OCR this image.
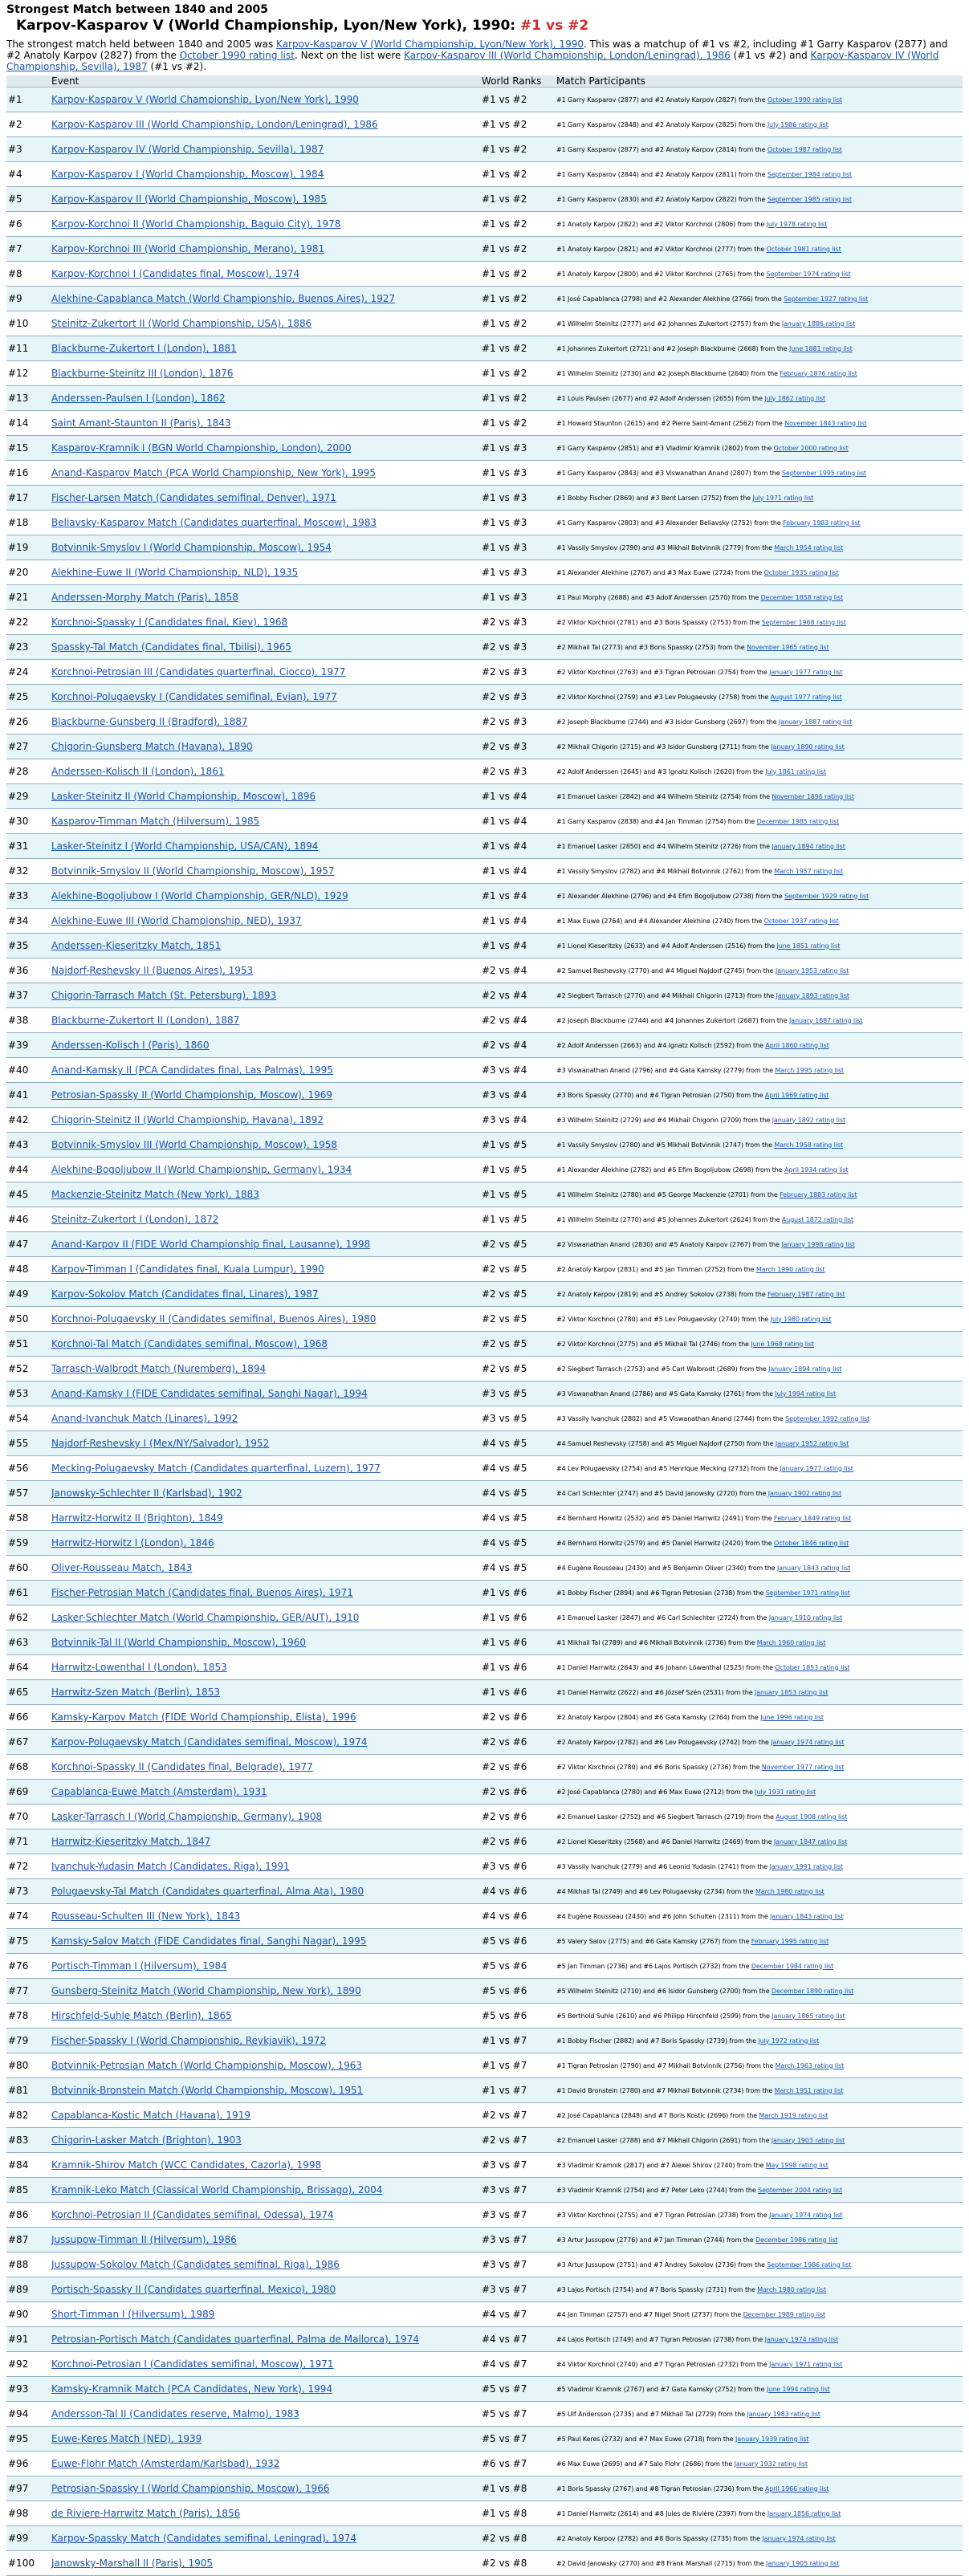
Strongest Match between 1840 and 2005
Karpov-Kasparov V (World Championship, Lyon/New York), 1990: #1 vs #2
The strongest match held between 1840 and 2005 was Karpov-Kasparov V (World Championship, Lyon/New York), 1990. This was a matchup of #1 vs #2, including #1 Garry Kasparov (2877) and #2 Anatoly Karpov (2827) from the October 1990 rating list. Next on the list were Karpov-Kasparov III (World Championship, London/Leningrad), 1986 (#1 vs #2) and Karpov-Kasparov IV (World Championship, Sevilla), 1987 (#1 vs #2).
	Event	World Ranks	Match Participants
#1	Karpov-Kasparov V (World Championship, Lyon/New York), 1990	#1 vs #2	#1 Garry Kasparov (2877) and #2 Anatoly Karpov (2827) from the October 1990 rating list
#2	Karpov-Kasparov III (World Championship, London/Leningrad), 1986	#1 vs #2	#1 Garry Kasparov (2848) and #2 Anatoly Karpov (2825) from the July 1986 rating list
#3	Karpov-Kasparov IV (World Championship, Sevilla), 1987	#1 vs #2	#1 Garry Kasparov (2877) and #2 Anatoly Karpov (2814) from the October 1987 rating list
#4	Karpov-Kasparov I (World Championship, Moscow), 1984	#1 vs #2	#1 Garry Kasparov (2844) and #2 Anatoly Karpov (2811) from the September 1984 rating list
#5	Karpov-Kasparov II (World Championship, Moscow), 1985	#1 vs #2	#1 Garry Kasparov (2830) and #2 Anatoly Karpov (2822) from the September 1985 rating list
#6	Karpov-Korchnoi II (World Championship, Baguio City), 1978	#1 vs #2	#1 Anatoly Karpov (2822) and #2 Viktor Korchnoi (2806) from the July 1978 rating list
#7	Karpov-Korchnoi III (World Championship, Merano), 1981	#1 vs #2	#1 Anatoly Karpov (2821) and #2 Viktor Korchnoi (2777) from the October 1981 rating list
#8	Karpov-Korchnoi I (Candidates final, Moscow), 1974	#1 vs #2	#1 Anatoly Karpov (2800) and #2 Viktor Korchnoi (2765) from the September 1974 rating list
#9	Alekhine-Capablanca Match (World Championship, Buenos Aires), 1927	#1 vs #2	#1 José Capablanca (2798) and #2 Alexander Alekhine (2766) from the September 1927 rating list
#10	Steinitz-Zukertort II (World Championship, USA), 1886	#1 vs #2	#1 Wilhelm Steinitz (2777) and #2 Johannes Zukertort (2757) from the January 1886 rating list
#11	Blackburne-Zukertort I (London), 1881	#1 vs #2	#1 Johannes Zukertort (2721) and #2 Joseph Blackburne (2668) from the June 1881 rating list
#12	Blackburne-Steinitz III (London), 1876	#1 vs #2	#1 Wilhelm Steinitz (2730) and #2 Joseph Blackburne (2640) from the February 1876 rating list
#13	Anderssen-Paulsen I (London), 1862	#1 vs #2	#1 Louis Paulsen (2677) and #2 Adolf Anderssen (2655) from the July 1862 rating list
#14	Saint Amant-Staunton II (Paris), 1843	#1 vs #2	#1 Howard Staunton (2615) and #2 Pierre Saint-Amant (2562) from the November 1843 rating list
#15	Kasparov-Kramnik I (BGN World Championship, London), 2000	#1 vs #3	#1 Garry Kasparov (2851) and #3 Vladimir Kramnik (2802) from the October 2000 rating list
#16	Anand-Kasparov Match (PCA World Championship, New York), 1995	#1 vs #3	#1 Garry Kasparov (2843) and #3 Viswanathan Anand (2807) from the September 1995 rating list
#17	Fischer-Larsen Match (Candidates semifinal, Denver), 1971	#1 vs #3	#1 Bobby Fischer (2869) and #3 Bent Larsen (2752) from the July 1971 rating list
#18	Beliavsky-Kasparov Match (Candidates quarterfinal, Moscow), 1983	#1 vs #3	#1 Garry Kasparov (2803) and #3 Alexander Beliavsky (2752) from the February 1983 rating list
#19	Botvinnik-Smyslov I (World Championship, Moscow), 1954	#1 vs #3	#1 Vassily Smyslov (2790) and #3 Mikhail Botvinnik (2779) from the March 1954 rating list
#20	Alekhine-Euwe II (World Championship, NLD), 1935	#1 vs #3	#1 Alexander Alekhine (2767) and #3 Max Euwe (2724) from the October 1935 rating list
#21	Anderssen-Morphy Match (Paris), 1858	#1 vs #3	#1 Paul Morphy (2688) and #3 Adolf Anderssen (2570) from the December 1858 rating list
#22	Korchnoi-Spassky I (Candidates final, Kiev), 1968	#2 vs #3	#2 Viktor Korchnoi (2781) and #3 Boris Spassky (2753) from the September 1968 rating list
#23	Spassky-Tal Match (Candidates final, Tbilisi), 1965	#2 vs #3	#2 Mikhail Tal (2773) and #3 Boris Spassky (2753) from the November 1965 rating list
#24	Korchnoi-Petrosian III (Candidates quarterfinal, Ciocco), 1977	#2 vs #3	#2 Viktor Korchnoi (2763) and #3 Tigran Petrosian (2754) from the January 1977 rating list
#25	Korchnoi-Polugaevsky I (Candidates semifinal, Evian), 1977	#2 vs #3	#2 Viktor Korchnoi (2759) and #3 Lev Polugaevsky (2758) from the August 1977 rating list
#26	Blackburne-Gunsberg II (Bradford), 1887	#2 vs #3	#2 Joseph Blackburne (2744) and #3 Isidor Gunsberg (2697) from the January 1887 rating list
#27	Chigorin-Gunsberg Match (Havana), 1890	#2 vs #3	#2 Mikhail Chigorin (2715) and #3 Isidor Gunsberg (2711) from the January 1890 rating list
#28	Anderssen-Kolisch II (London), 1861	#2 vs #3	#2 Adolf Anderssen (2645) and #3 Ignatz Kolisch (2620) from the July 1861 rating list
#29	Lasker-Steinitz II (World Championship, Moscow), 1896	#1 vs #4	#1 Emanuel Lasker (2842) and #4 Wilhelm Steinitz (2754) from the November 1896 rating list
#30	Kasparov-Timman Match (Hilversum), 1985	#1 vs #4	#1 Garry Kasparov (2838) and #4 Jan Timman (2754) from the December 1985 rating list
#31	Lasker-Steinitz I (World Championship, USA/CAN), 1894	#1 vs #4	#1 Emanuel Lasker (2850) and #4 Wilhelm Steinitz (2726) from the January 1894 rating list
#32	Botvinnik-Smyslov II (World Championship, Moscow), 1957	#1 vs #4	#1 Vassily Smyslov (2782) and #4 Mikhail Botvinnik (2762) from the March 1957 rating list
#33	Alekhine-Bogoljubow I (World Championship, GER/NLD), 1929	#1 vs #4	#1 Alexander Alekhine (2796) and #4 Efim Bogoljubow (2738) from the September 1929 rating list
#34	Alekhine-Euwe III (World Championship, NED), 1937	#1 vs #4	#1 Max Euwe (2764) and #4 Alexander Alekhine (2740) from the October 1937 rating list
#35	Anderssen-Kieseritzky Match, 1851	#1 vs #4	#1 Lionel Kieseritzky (2633) and #4 Adolf Anderssen (2516) from the June 1851 rating list
#36	Najdorf-Reshevsky II (Buenos Aires), 1953	#2 vs #4	#2 Samuel Reshevsky (2770) and #4 Miguel Najdorf (2745) from the January 1953 rating list
#37	Chigorin-Tarrasch Match (St. Petersburg), 1893	#2 vs #4	#2 Siegbert Tarrasch (2770) and #4 Mikhail Chigorin (2713) from the January 1893 rating list
#38	Blackburne-Zukertort II (London), 1887	#2 vs #4	#2 Joseph Blackburne (2744) and #4 Johannes Zukertort (2687) from the January 1887 rating list
#39	Anderssen-Kolisch I (Paris), 1860	#2 vs #4	#2 Adolf Anderssen (2663) and #4 Ignatz Kolisch (2592) from the April 1860 rating list
#40	Anand-Kamsky II (PCA Candidates final, Las Palmas), 1995	#3 vs #4	#3 Viswanathan Anand (2796) and #4 Gata Kamsky (2779) from the March 1995 rating list
#41	Petrosian-Spassky II (World Championship, Moscow), 1969	#3 vs #4	#3 Boris Spassky (2770) and #4 Tigran Petrosian (2750) from the April 1969 rating list
#42	Chigorin-Steinitz II (World Championship, Havana), 1892	#3 vs #4	#3 Wilhelm Steinitz (2729) and #4 Mikhail Chigorin (2709) from the January 1892 rating list
#43	Botvinnik-Smyslov III (World Championship, Moscow), 1958	#1 vs #5	#1 Vassily Smyslov (2780) and #5 Mikhail Botvinnik (2747) from the March 1958 rating list
#44	Alekhine-Bogoljubow II (World Championship, Germany), 1934	#1 vs #5	#1 Alexander Alekhine (2782) and #5 Efim Bogoljubow (2698) from the April 1934 rating list
#45	Mackenzie-Steinitz Match (New York), 1883	#1 vs #5	#1 Wilhelm Steinitz (2780) and #5 George Mackenzie (2701) from the February 1883 rating list
#46	Steinitz-Zukertort I (London), 1872	#1 vs #5	#1 Wilhelm Steinitz (2770) and #5 Johannes Zukertort (2624) from the August 1872 rating list
#47	Anand-Karpov II (FIDE World Championship final, Lausanne), 1998	#2 vs #5	#2 Viswanathan Anand (2830) and #5 Anatoly Karpov (2767) from the January 1998 rating list
#48	Karpov-Timman I (Candidates final, Kuala Lumpur), 1990	#2 vs #5	#2 Anatoly Karpov (2831) and #5 Jan Timman (2752) from the March 1990 rating list
#49	Karpov-Sokolov Match (Candidates final, Linares), 1987	#2 vs #5	#2 Anatoly Karpov (2819) and #5 Andrey Sokolov (2738) from the February 1987 rating list
#50	Korchnoi-Polugaevsky II (Candidates semifinal, Buenos Aires), 1980	#2 vs #5	#2 Viktor Korchnoi (2780) and #5 Lev Polugaevsky (2740) from the July 1980 rating list
#51	Korchnoi-Tal Match (Candidates semifinal, Moscow), 1968	#2 vs #5	#2 Viktor Korchnoi (2775) and #5 Mikhail Tal (2746) from the June 1968 rating list
#52	Tarrasch-Walbrodt Match (Nuremberg), 1894	#2 vs #5	#2 Siegbert Tarrasch (2753) and #5 Carl Walbrodt (2689) from the January 1894 rating list
#53	Anand-Kamsky I (FIDE Candidates semifinal, Sanghi Nagar), 1994	#3 vs #5	#3 Viswanathan Anand (2786) and #5 Gata Kamsky (2761) from the July 1994 rating list
#54	Anand-Ivanchuk Match (Linares), 1992	#3 vs #5	#3 Vassily Ivanchuk (2802) and #5 Viswanathan Anand (2744) from the September 1992 rating list
#55	Najdorf-Reshevsky I (Mex/NY/Salvador), 1952	#4 vs #5	#4 Samuel Reshevsky (2758) and #5 Miguel Najdorf (2750) from the January 1952 rating list
#56	Mecking-Polugaevsky Match (Candidates quarterfinal, Luzern), 1977	#4 vs #5	#4 Lev Polugaevsky (2754) and #5 Henrique Mecking (2732) from the January 1977 rating list
#57	Janowsky-Schlechter II (Karlsbad), 1902	#4 vs #5	#4 Carl Schlechter (2747) and #5 David Janowsky (2720) from the January 1902 rating list
#58	Harrwitz-Horwitz II (Brighton), 1849	#4 vs #5	#4 Bernhard Horwitz (2532) and #5 Daniel Harrwitz (2491) from the February 1849 rating list
#59	Harrwitz-Horwitz I (London), 1846	#4 vs #5	#4 Bernhard Horwitz (2579) and #5 Daniel Harrwitz (2420) from the October 1846 rating list
#60	Oliver-Rousseau Match, 1843	#4 vs #5	#4 Eugène Rousseau (2430) and #5 Benjamin Oliver (2340) from the January 1843 rating list
#61	Fischer-Petrosian Match (Candidates final, Buenos Aires), 1971	#1 vs #6	#1 Bobby Fischer (2894) and #6 Tigran Petrosian (2738) from the September 1971 rating list
#62	Lasker-Schlechter Match (World Championship, GER/AUT), 1910	#1 vs #6	#1 Emanuel Lasker (2847) and #6 Carl Schlechter (2724) from the January 1910 rating list
#63	Botvinnik-Tal II (World Championship, Moscow), 1960	#1 vs #6	#1 Mikhail Tal (2789) and #6 Mikhail Botvinnik (2736) from the March 1960 rating list
#64	Harrwitz-Lowenthal I (London), 1853	#1 vs #6	#1 Daniel Harrwitz (2643) and #6 Johann Löwenthal (2525) from the October 1853 rating list
#65	Harrwitz-Szen Match (Berlin), 1853	#1 vs #6	#1 Daniel Harrwitz (2622) and #6 József Szén (2531) from the January 1853 rating list
#66	Kamsky-Karpov Match (FIDE World Championship, Elista), 1996	#2 vs #6	#2 Anatoly Karpov (2804) and #6 Gata Kamsky (2764) from the June 1996 rating list
#67	Karpov-Polugaevsky Match (Candidates semifinal, Moscow), 1974	#2 vs #6	#2 Anatoly Karpov (2782) and #6 Lev Polugaevsky (2742) from the January 1974 rating list
#68	Korchnoi-Spassky II (Candidates final, Belgrade), 1977	#2 vs #6	#2 Viktor Korchnoi (2780) and #6 Boris Spassky (2736) from the November 1977 rating list
#69	Capablanca-Euwe Match (Amsterdam), 1931	#2 vs #6	#2 José Capablanca (2780) and #6 Max Euwe (2712) from the July 1931 rating list
#70	Lasker-Tarrasch I (World Championship, Germany), 1908	#2 vs #6	#2 Emanuel Lasker (2752) and #6 Siegbert Tarrasch (2719) from the August 1908 rating list
#71	Harrwitz-Kieseritzky Match, 1847	#2 vs #6	#2 Lionel Kieseritzky (2568) and #6 Daniel Harrwitz (2469) from the January 1847 rating list
#72	Ivanchuk-Yudasin Match (Candidates, Riga), 1991	#3 vs #6	#3 Vassily Ivanchuk (2779) and #6 Leonid Yudasin (2741) from the January 1991 rating list
#73	Polugaevsky-Tal Match (Candidates quarterfinal, Alma Ata), 1980	#4 vs #6	#4 Mikhail Tal (2749) and #6 Lev Polugaevsky (2734) from the March 1980 rating list
#74	Rousseau-Schulten III (New York), 1843	#4 vs #6	#4 Eugène Rousseau (2430) and #6 John Schulten (2311) from the January 1843 rating list
#75	Kamsky-Salov Match (FIDE Candidates final, Sanghi Nagar), 1995	#5 vs #6	#5 Valery Salov (2775) and #6 Gata Kamsky (2767) from the February 1995 rating list
#76	Portisch-Timman I (Hilversum), 1984	#5 vs #6	#5 Jan Timman (2736) and #6 Lajos Portisch (2732) from the December 1984 rating list
#77	Gunsberg-Steinitz Match (World Championship, New York), 1890	#5 vs #6	#5 Wilhelm Steinitz (2710) and #6 Isidor Gunsberg (2700) from the December 1890 rating list
#78	Hirschfeld-Suhle Match (Berlin), 1865	#5 vs #6	#5 Berthold Suhle (2610) and #6 Philipp Hirschfeld (2599) from the January 1865 rating list
#79	Fischer-Spassky I (World Championship, Reykjavik), 1972	#1 vs #7	#1 Bobby Fischer (2882) and #7 Boris Spassky (2739) from the July 1972 rating list
#80	Botvinnik-Petrosian Match (World Championship, Moscow), 1963	#1 vs #7	#1 Tigran Petrosian (2790) and #7 Mikhail Botvinnik (2756) from the March 1963 rating list
#81	Botvinnik-Bronstein Match (World Championship, Moscow), 1951	#1 vs #7	#1 David Bronstein (2780) and #7 Mikhail Botvinnik (2734) from the March 1951 rating list
#82	Capablanca-Kostic Match (Havana), 1919	#2 vs #7	#2 José Capablanca (2848) and #7 Boris Kostic (2696) from the March 1919 rating list
#83	Chigorin-Lasker Match (Brighton), 1903	#2 vs #7	#2 Emanuel Lasker (2788) and #7 Mikhail Chigorin (2691) from the January 1903 rating list
#84	Kramnik-Shirov Match (WCC Candidates, Cazorla), 1998	#3 vs #7	#3 Vladimir Kramnik (2817) and #7 Alexei Shirov (2740) from the May 1998 rating list
#85	Kramnik-Leko Match (Classical World Championship, Brissago), 2004	#3 vs #7	#3 Vladimir Kramnik (2754) and #7 Peter Leko (2744) from the September 2004 rating list
#86	Korchnoi-Petrosian II (Candidates semifinal, Odessa), 1974	#3 vs #7	#3 Viktor Korchnoi (2755) and #7 Tigran Petrosian (2738) from the January 1974 rating list
#87	Jussupow-Timman II (Hilversum), 1986	#3 vs #7	#3 Artur Jussupow (2776) and #7 Jan Timman (2744) from the December 1986 rating list
#88	Jussupow-Sokolov Match (Candidates semifinal, Riga), 1986	#3 vs #7	#3 Artur Jussupow (2751) and #7 Andrey Sokolov (2736) from the September 1986 rating list
#89	Portisch-Spassky II (Candidates quarterfinal, Mexico), 1980	#3 vs #7	#3 Lajos Portisch (2754) and #7 Boris Spassky (2731) from the March 1980 rating list
#90	Short-Timman I (Hilversum), 1989	#4 vs #7	#4 Jan Timman (2757) and #7 Nigel Short (2737) from the December 1989 rating list
#91	Petrosian-Portisch Match (Candidates quarterfinal, Palma de Mallorca), 1974	#4 vs #7	#4 Lajos Portisch (2749) and #7 Tigran Petrosian (2738) from the January 1974 rating list
#92	Korchnoi-Petrosian I (Candidates semifinal, Moscow), 1971	#4 vs #7	#4 Viktor Korchnoi (2740) and #7 Tigran Petrosian (2732) from the January 1971 rating list
#93	Kamsky-Kramnik Match (PCA Candidates, New York), 1994	#5 vs #7	#5 Vladimir Kramnik (2767) and #7 Gata Kamsky (2752) from the June 1994 rating list
#94	Andersson-Tal II (Candidates reserve, Malmo), 1983	#5 vs #7	#5 Ulf Andersson (2735) and #7 Mikhail Tal (2729) from the January 1983 rating list
#95	Euwe-Keres Match (NED), 1939	#5 vs #7	#5 Paul Keres (2732) and #7 Max Euwe (2718) from the January 1939 rating list
#96	Euwe-Flohr Match (Amsterdam/Karlsbad), 1932	#6 vs #7	#6 Max Euwe (2695) and #7 Salo Flohr (2686) from the January 1932 rating list
#97	Petrosian-Spassky I (World Championship, Moscow), 1966	#1 vs #8	#1 Boris Spassky (2767) and #8 Tigran Petrosian (2736) from the April 1966 rating list
#98	de Riviere-Harrwitz Match (Paris), 1856	#1 vs #8	#1 Daniel Harrwitz (2614) and #8 Jules de Rivière (2397) from the January 1856 rating list
#99	Karpov-Spassky Match (Candidates semifinal, Leningrad), 1974	#2 vs #8	#2 Anatoly Karpov (2782) and #8 Boris Spassky (2735) from the January 1974 rating list
#100	Janowsky-Marshall II (Paris), 1905	#2 vs #8	#2 David Janowsky (2770) and #8 Frank Marshall (2715) from the January 1905 rating list
